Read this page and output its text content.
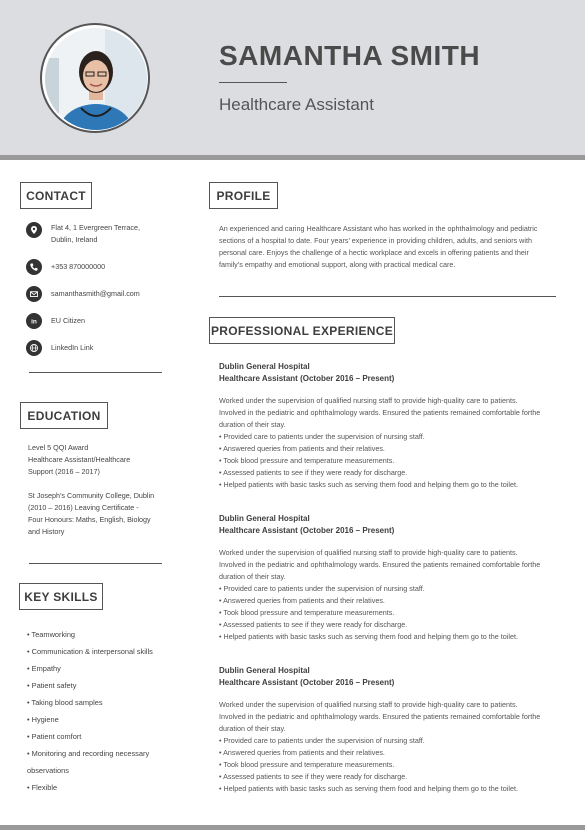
SAMANTHA SMITH
Healthcare Assistant
CONTACT
Flat 4, 1 Evergreen Terrace,
Dublin, Ireland
+353 870000000
samanthasmith@gmail.com
in EU Citizen
LinkedIn Link
EDUCATION
Level 5 QQI Award
Healthcare Assistant/Healthcare
Support (2016 – 2017)
St Joseph’s Community College, Dublin
(2010 – 2016) Leaving Certificate -
Four Honours: Maths, English, Biology
and History
KEY SKILLS
• Teamworking
• Communication & interpersonal skills
• Empathy
• Patient safety
• Taking blood samples
• Hygiene
• Patient comfort
• Monitoring and recording necessary
observations
• Flexible
PROFILE
An experienced and caring Healthcare Assistant who has worked in the ophthalmology and pediatric
sections of a hospital to date. Four years’ experience in providing children, adults, and seniors with
personal care. Enjoys the challenge of a hectic workplace and excels in offering patients and their
family’s empathy and emotional support, along with practical medical care.
PROFESSIONAL EXPERIENCE
Dublin General Hospital
Healthcare Assistant (October 2016 – Present)
Worked under the supervision of qualified nursing staff to provide high-quality care to patients.
Involved in the pediatric and ophthalmology wards. Ensured the patients remained comfortable forthe
duration of their stay.
• Provided care to patients under the supervision of nursing staff.
• Answered queries from patients and their relatives.
• Took blood pressure and temperature measurements.
• Assessed patients to see if they were ready for discharge.
• Helped patients with basic tasks such as serving them food and helping them go to the toilet.
Dublin General Hospital
Healthcare Assistant (October 2016 – Present)
Worked under the supervision of qualified nursing staff to provide high-quality care to patients.
Involved in the pediatric and ophthalmology wards. Ensured the patients remained comfortable forthe
duration of their stay.
• Provided care to patients under the supervision of nursing staff.
• Answered queries from patients and their relatives.
• Took blood pressure and temperature measurements.
• Assessed patients to see if they were ready for discharge.
• Helped patients with basic tasks such as serving them food and helping them go to the toilet.
Dublin General Hospital
Healthcare Assistant (October 2016 – Present)
Worked under the supervision of qualified nursing staff to provide high-quality care to patients.
Involved in the pediatric and ophthalmology wards. Ensured the patients remained comfortable forthe
duration of their stay.
• Provided care to patients under the supervision of nursing staff.
• Answered queries from patients and their relatives.
• Took blood pressure and temperature measurements.
• Assessed patients to see if they were ready for discharge.
• Helped patients with basic tasks such as serving them food and helping them go to the toilet.
